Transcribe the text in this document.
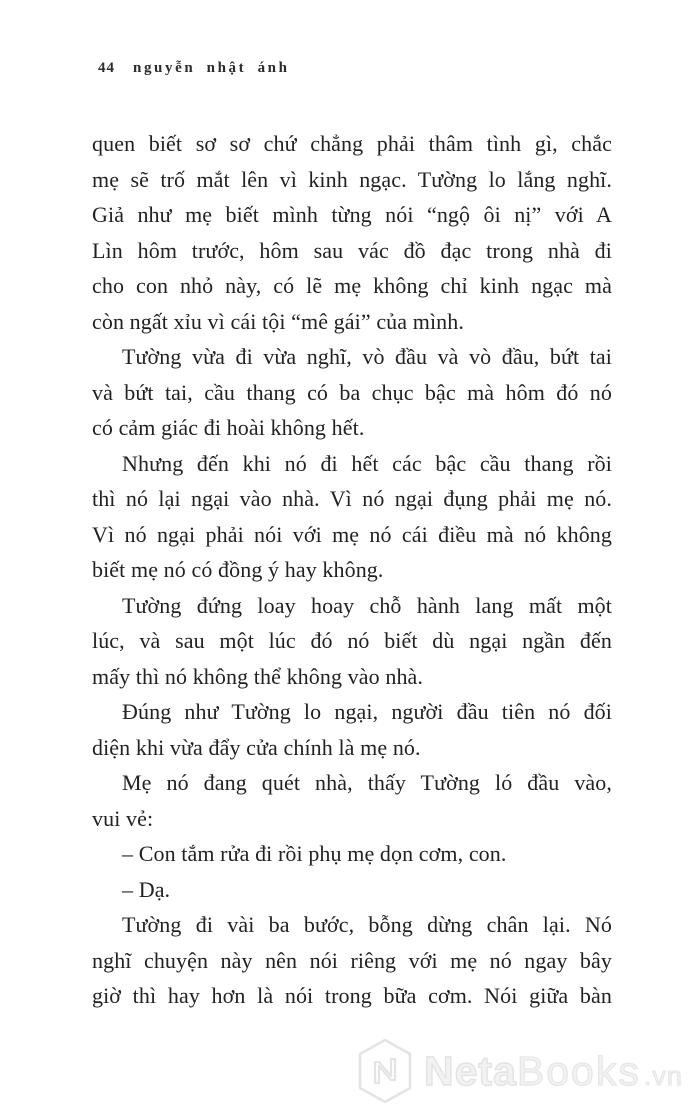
44 nguyễn nhật ánh
quen biết sơ sơ chứ chẳng phải thâm tình gì, chắc
mẹ sẽ trố mắt lên vì kinh ngạc. Tường lo lắng nghĩ.
Giả như mẹ biết mình từng nói “ngộ ôi nị” với A
Lìn hôm trước, hôm sau vác đồ đạc trong nhà đi
cho con nhỏ này, có lẽ mẹ không chỉ kinh ngạc mà
còn ngất xỉu vì cái tội “mê gái” của mình.
Tường vừa đi vừa nghĩ, vò đầu và vò đầu, bứt tai
và bứt tai, cầu thang có ba chục bậc mà hôm đó nó
có cảm giác đi hoài không hết.
Nhưng đến khi nó đi hết các bậc cầu thang rồi
thì nó lại ngại vào nhà. Vì nó ngại đụng phải mẹ nó.
Vì nó ngại phải nói với mẹ nó cái điều mà nó không
biết mẹ nó có đồng ý hay không.
Tường đứng loay hoay chỗ hành lang mất một
lúc, và sau một lúc đó nó biết dù ngại ngần đến
mấy thì nó không thể không vào nhà.
Đúng như Tường lo ngại, người đầu tiên nó đối
diện khi vừa đẩy cửa chính là mẹ nó.
Mẹ nó đang quét nhà, thấy Tường ló đầu vào,
vui vẻ:
– Con tắm rửa đi rồi phụ mẹ dọn cơm, con.
– Dạ.
Tường đi vài ba bước, bỗng dừng chân lại. Nó
nghĩ chuyện này nên nói riêng với mẹ nó ngay bây
giờ thì hay hơn là nói trong bữa cơm. Nói giữa bàn
Neta Books .vn
